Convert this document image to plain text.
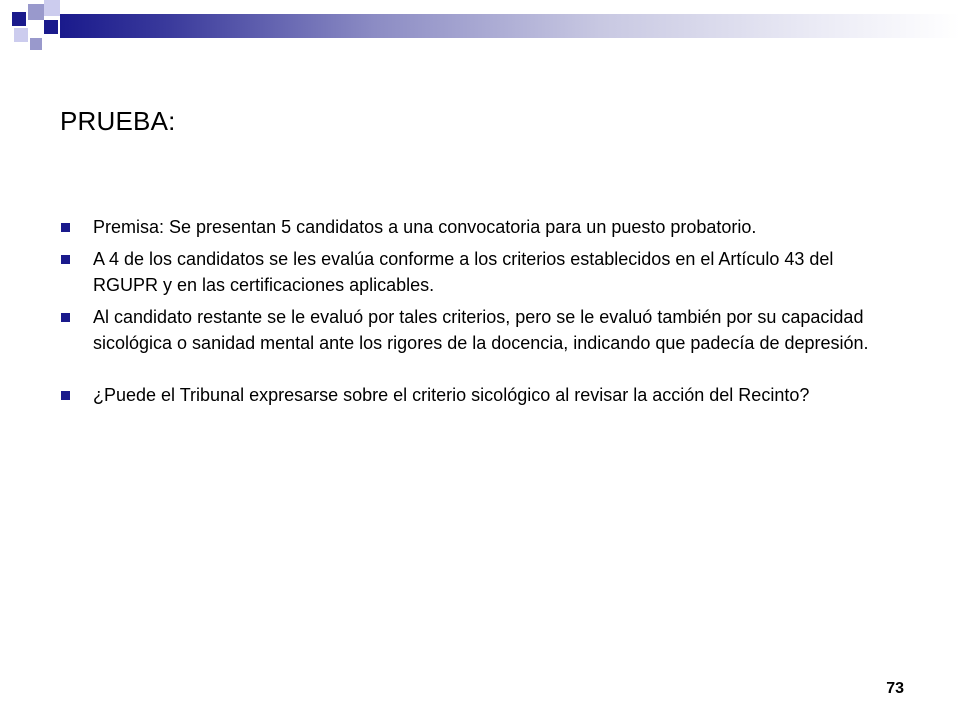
PRUEBA:
Premisa: Se presentan 5 candidatos a una convocatoria para un puesto probatorio.
A 4 de los candidatos se les evalúa conforme a los criterios establecidos en el Artículo 43 del RGUPR y en las certificaciones aplicables.
Al candidato restante se le evaluó por tales criterios, pero se le evaluó también por su capacidad sicológica o sanidad mental ante los rigores de la docencia, indicando que padecía de depresión.
¿Puede el Tribunal expresarse sobre el criterio sicológico al revisar la acción del Recinto?
73
